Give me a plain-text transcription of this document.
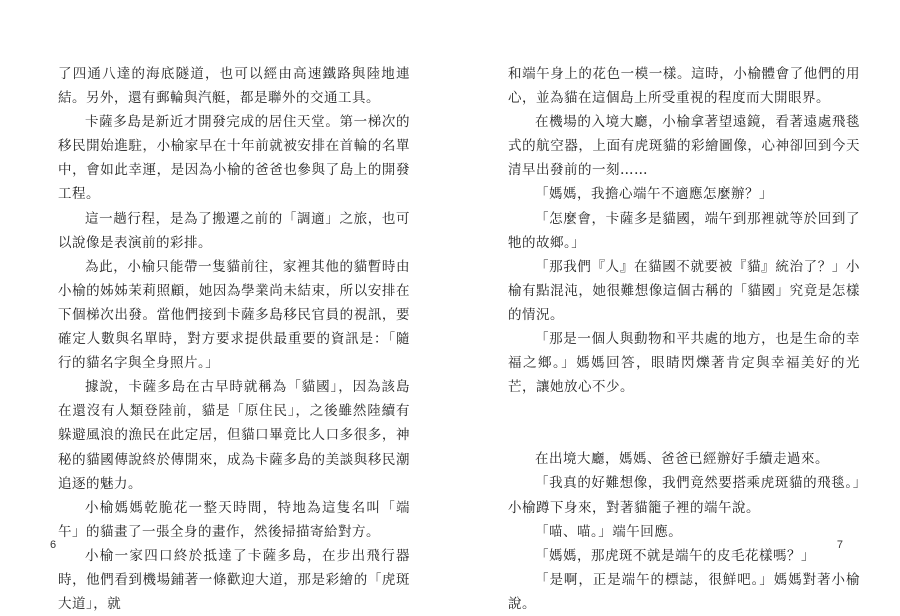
了四通八達的海底隧道，也可以經由高速鐵路與陸地連結。另外，還有郵輪與汽艇，都是聯外的交通工具。

卡薩多島是新近才開發完成的居住天堂。第一梯次的移民開始進駐，小榆家早在十年前就被安排在首輪的名單中，會如此幸運，是因為小榆的爸爸也參與了島上的開發工程。

這一趟行程，是為了搬遷之前的「調適」之旅，也可以說像是表演前的彩排。

為此，小榆只能帶一隻貓前往，家裡其他的貓暫時由小榆的姊姊茉莉照顧，她因為學業尚未結束，所以安排在下個梯次出發。當他們接到卡薩多島移民官員的視訊，要確定人數與名單時，對方要求提供最重要的資訊是：「隨行的貓名字與全身照片。」

據說，卡薩多島在古早時就稱為「貓國」，因為該島在還沒有人類登陸前，貓是「原住民」，之後雖然陸續有躲避風浪的漁民在此定居，但貓口畢竟比人口多很多，神秘的貓國傳說終於傳開來，成為卡薩多島的美談與移民潮追逐的魅力。

小榆媽媽乾脆花一整天時間，特地為這隻名叫「端午」的貓畫了一張全身的畫作，然後掃描寄給對方。

小榆一家四口終於抵達了卡薩多島，在步出飛行器時，他們看到機場鋪著一條歡迎大道，那是彩繪的「虎斑大道」，就

6

和端午身上的花色一模一樣。這時，小榆體會了他們的用心，並為貓在這個島上所受重視的程度而大開眼界。

在機場的入境大廳，小榆拿著望遠鏡，看著遠處飛毯式的航空器，上面有虎斑貓的彩繪圖像，心神卻回到今天清早出發前的一刻……

「媽媽，我擔心端午不適應怎麼辦？」

「怎麼會，卡薩多是貓國，端午到那裡就等於回到了牠的故鄉。」

「那我們『人』在貓國不就要被『貓』統治了？」小榆有點混沌，她很難想像這個古稱的「貓國」究竟是怎樣的情況。

「那是一個人與動物和平共處的地方，也是生命的幸福之鄉。」媽媽回答，眼睛閃爍著肯定與幸福美好的光芒，讓她放心不少。

在出境大廳，媽媽、爸爸已經辦好手續走過來。

「我真的好難想像，我們竟然要搭乘虎斑貓的飛毯。」小榆蹲下身來，對著貓籠子裡的端午說。

「喵、喵。」端午回應。

「媽媽，那虎斑不就是端午的皮毛花樣嗎？」

「是啊，正是端午的標誌，很鮮吧。」媽媽對著小榆說。

7
